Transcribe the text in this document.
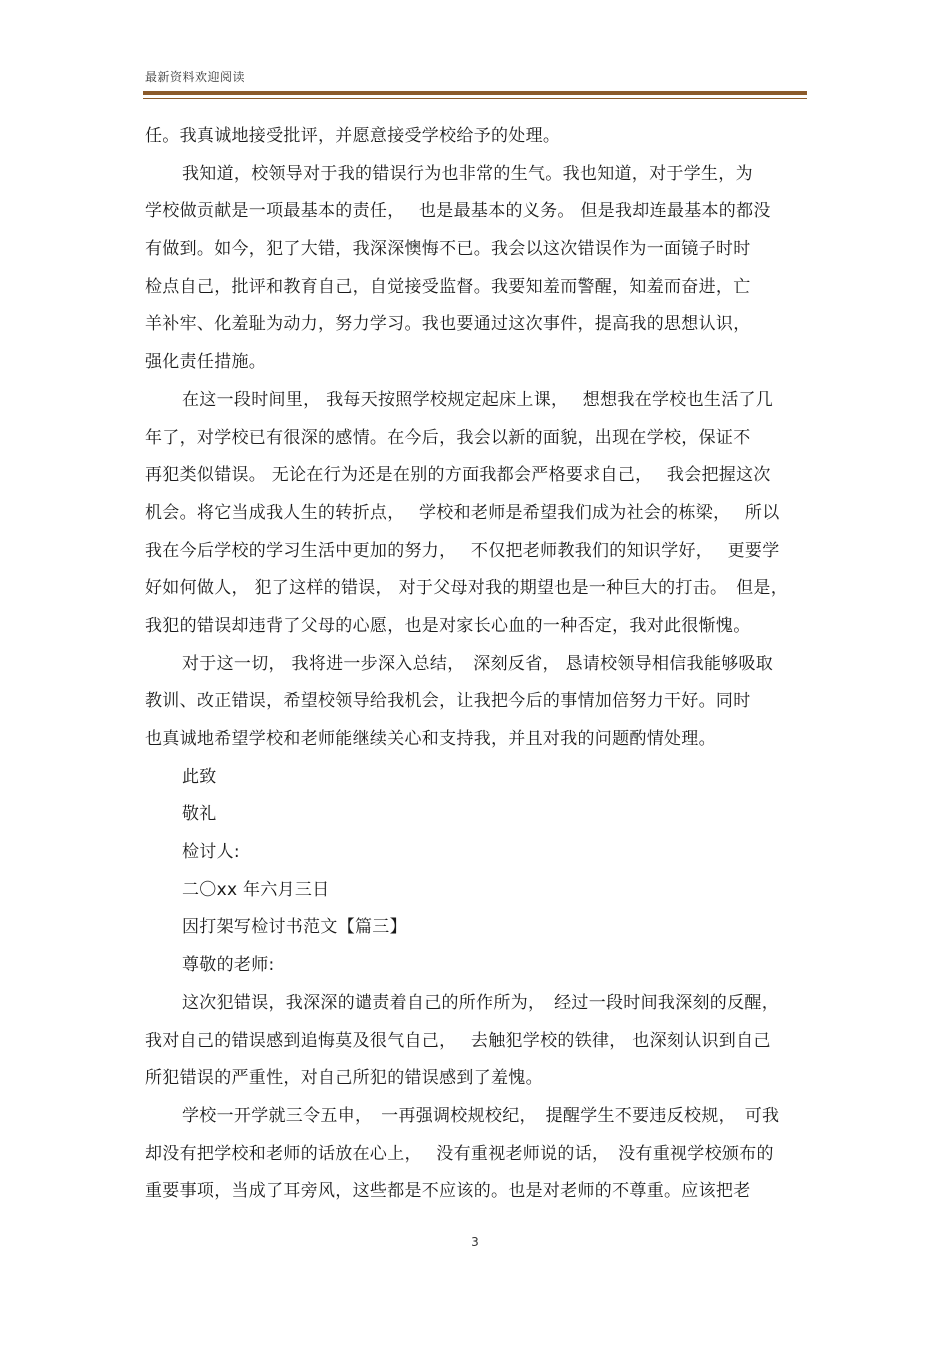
最新资料欢迎阅读
任。我真诚地接受批评，并愿意接受学校给予的处理。
我知道，校领导对于我的错误行为也非常的生气。我也知道，对于学生，为
学校做贡献是一项最基本的责任，　 也是最基本的义务。 但是我却连最基本的都没
有做到。如今，犯了大错，我深深懊悔不已。我会以这次错误作为一面镜子时时
检点自己，批评和教育自己，自觉接受监督。我要知羞而警醒，知羞而奋进，亡
羊补牢、化羞耻为动力，努力学习。我也要通过这次事件，提高我的思想认识，
强化责任措施。
在这一段时间里， 我每天按照学校规定起床上课，　 想想我在学校也生活了几
年了，对学校已有很深的感情。在今后，我会以新的面貌，出现在学校，保证不
再犯类似错误。 无论在行为还是在别的方面我都会严格要求自己，　 我会把握这次
机会。将它当成我人生的转折点，　 学校和老师是希望我们成为社会的栋梁，　 所以
我在今后学校的学习生活中更加的努力，　 不仅把老师教我们的知识学好，　 更要学
好如何做人， 犯了这样的错误， 对于父母对我的期望也是一种巨大的打击。　但是，
我犯的错误却违背了父母的心愿，也是对家长心血的一种否定，我对此很惭愧。
对于这一切， 我将进一步深入总结，　深刻反省， 恳请校领导相信我能够吸取
教训、改正错误，希望校领导给我机会，让我把今后的事情加倍努力干好。同时
也真诚地希望学校和老师能继续关心和支持我，并且对我的问题酌情处理。
此致
敬礼
检讨人:
二〇xx 年六月三日
因打架写检讨书范文【篇三】
尊敬的老师:
这次犯错误，我深深的谴责着自己的所作所为，　经过一段时间我深刻的反醒，
我对自己的错误感到追悔莫及很气自己，　 去触犯学校的铁律， 也深刻认识到自己
所犯错误的严重性，对自己所犯的错误感到了羞愧。
学校一开学就三令五申，　一再强调校规校纪，　提醒学生不要违反校规，　可我
却没有把学校和老师的话放在心上，　 没有重视老师说的话，　没有重视学校颁布的
重要事项，当成了耳旁风，这些都是不应该的。也是对老师的不尊重。应该把老
3
